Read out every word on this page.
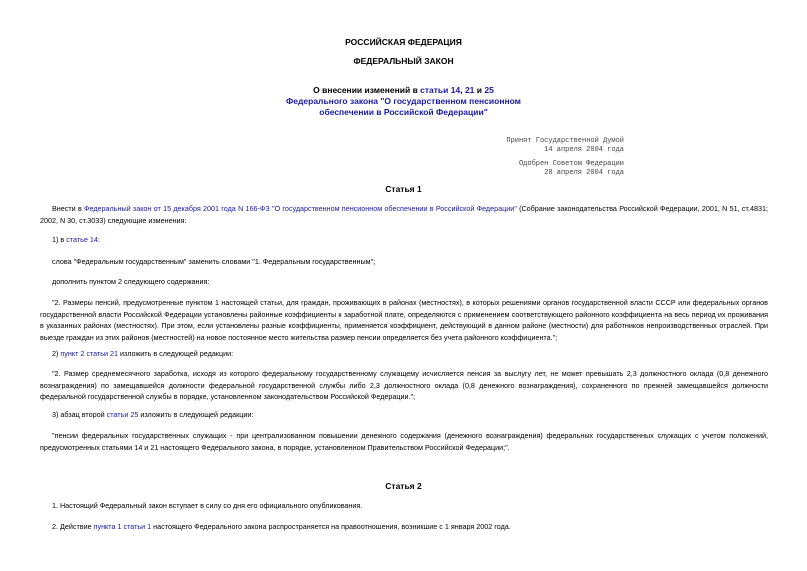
РОССИЙСКАЯ ФЕДЕРАЦИЯ
ФЕДЕРАЛЬНЫЙ ЗАКОН
О внесении изменений в статьи 14, 21 и 25
Федерального закона "О государственном пенсионном
обеспечении в Российской Федерации"
Принят Государственной Думой
14 апреля 2004 года
Одобрен Советом Федерации
28 апреля 2004 года
Статья 1
Внести в Федеральный закон от 15 декабря 2001 года N 166-ФЗ "О государственном пенсионном обеспечении в Российской Федерации" (Собрание законодательства Российской Федерации, 2001, N 51, ст.4831; 2002, N 30, ст.3033) следующие изменения:
1) в статье 14:
слова "Федеральным государственным" заменить словами "1. Федеральным государственным";
дополнить пунктом 2 следующего содержания:
"2. Размеры пенсий, предусмотренные пунктом 1 настоящей статьи, для граждан, проживающих в районах (местностях), в которых решениями органов государственной власти СССР или федеральных органов государственной власти Российской Федерации установлены районные коэффициенты к заработной плате, определяются с применением соответствующего районного коэффициента на весь период их проживания в указанных районах (местностях). При этом, если установлены разные коэффициенты, применяется коэффициент, действующий в данном районе (местности) для работников непроизводственных отраслей. При выезде граждан из этих районов (местностей) на новое постоянное место жительства размер пенсии определяется без учета районного коэффициента.";
2) пункт 2 статьи 21 изложить в следующей редакции:
"2. Размер среднемесячного заработка, исходя из которого федеральному государственному служащему исчисляется пенсия за выслугу лет, не может превышать 2,3 должностного оклада (0,8 денежного вознаграждения) по замещавшейся должности федеральной государственной службы либо 2,3 должностного оклада (0,8 денежного вознаграждения), сохраненного по прежней замещавшейся должности федеральной государственной службы в порядке, установленном законодательством Российской Федерации.";
3) абзац второй статьи 25 изложить в следующей редакции:
"пенсии федеральных государственных служащих - при централизованном повышении денежного содержания (денежного вознаграждения) федеральных государственных служащих с учетом положений, предусмотренных статьями 14 и 21 настоящего Федерального закона, в порядке, установленном Правительством Российской Федерации;".
Статья 2
1. Настоящий Федеральный закон вступает в силу со дня его официального опубликования.
2. Действие пункта 1 статьи 1 настоящего Федерального закона распространяется на правоотношения, возникшие с 1 января 2002 года.
